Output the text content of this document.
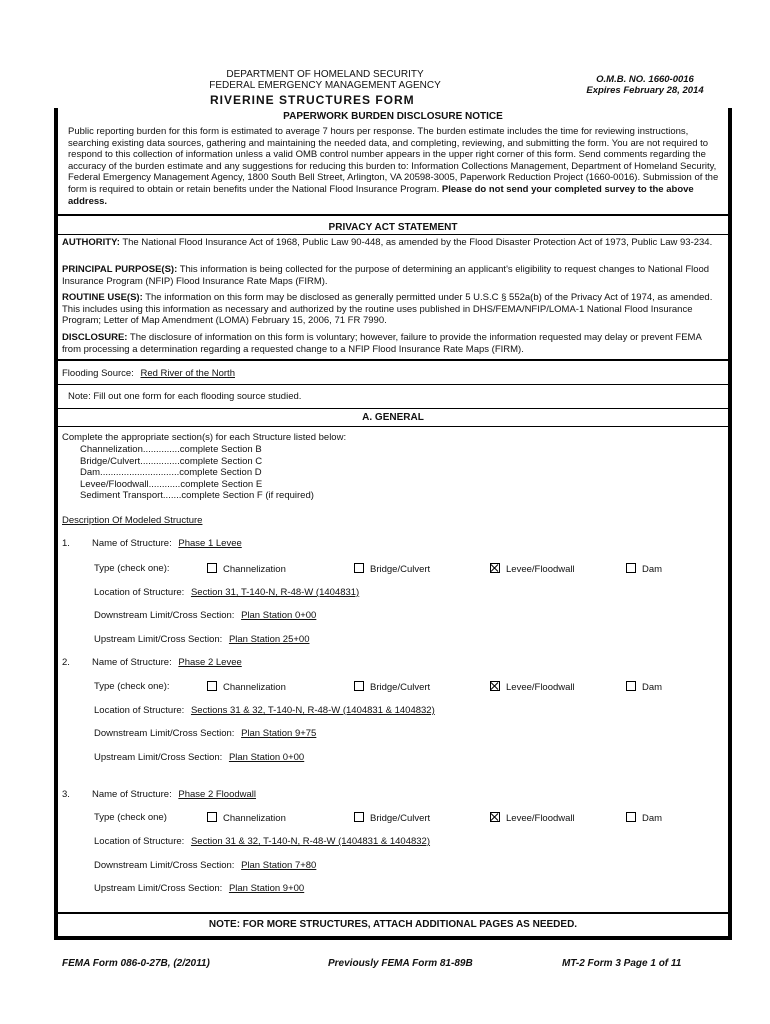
DEPARTMENT OF HOMELAND SECURITY
FEDERAL EMERGENCY MANAGEMENT AGENCY
RIVERINE STRUCTURES FORM
O.M.B. NO. 1660-0016
Expires February 28, 2014
PAPERWORK BURDEN DISCLOSURE NOTICE
Public reporting burden for this form is estimated to average 7 hours per response. The burden estimate includes the time for reviewing instructions, searching existing data sources, gathering and maintaining the needed data, and completing, reviewing, and submitting the form. You are not required to respond to this collection of information unless a valid OMB control number appears in the upper right corner of this form. Send comments regarding the accuracy of the burden estimate and any suggestions for reducing this burden to: Information Collections Management, Department of Homeland Security, Federal Emergency Management Agency, 1800 South Bell Street, Arlington, VA 20598-3005, Paperwork Reduction Project (1660-0016). Submission of the form is required to obtain or retain benefits under the National Flood Insurance Program. Please do not send your completed survey to the above address.
PRIVACY ACT STATEMENT
AUTHORITY: The National Flood Insurance Act of 1968, Public Law 90-448, as amended by the Flood Disaster Protection Act of 1973, Public Law 93-234.
PRINCIPAL PURPOSE(S): This information is being collected for the purpose of determining an applicant's eligibility to request changes to National Flood Insurance Program (NFIP) Flood Insurance Rate Maps (FIRM).
ROUTINE USE(S): The information on this form may be disclosed as generally permitted under 5 U.S.C § 552a(b) of the Privacy Act of 1974, as amended. This includes using this information as necessary and authorized by the routine uses published in DHS/FEMA/NFIP/LOMA-1 National Flood Insurance Program; Letter of Map Amendment (LOMA) February 15, 2006, 71 FR 7990.
DISCLOSURE: The disclosure of information on this form is voluntary; however, failure to provide the information requested may delay or prevent FEMA from processing a determination regarding a requested change to a NFIP Flood Insurance Rate Maps (FIRM).
Flooding Source: Red River of the North
Note: Fill out one form for each flooding source studied.
A. GENERAL
Complete the appropriate section(s) for each Structure listed below:
Channelization..............complete Section B
Bridge/Culvert...............complete Section C
Dam..............................complete Section D
Levee/Floodwall............complete Section E
Sediment Transport.......complete Section F (if required)
Description Of Modeled Structure
1. Name of Structure: Phase 1 Levee
Type (check one):	Channelization	Bridge/Culvert	Levee/Floodwall	Dam
Location of Structure: Section 31, T-140-N, R-48-W (1404831)
Downstream Limit/Cross Section: Plan Station 0+00
Upstream Limit/Cross Section: Plan Station 25+00
2. Name of Structure: Phase 2 Levee
Type (check one):	Channelization	Bridge/Culvert	Levee/Floodwall	Dam
Location of Structure: Sections 31 & 32, T-140-N, R-48-W (1404831 & 1404832)
Downstream Limit/Cross Section: Plan Station 9+75
Upstream Limit/Cross Section: Plan Station 0+00
3. Name of Structure: Phase 2 Floodwall
Type (check one)	Channelization	Bridge/Culvert	Levee/Floodwall	Dam
Location of Structure: Section 31 & 32, T-140-N, R-48-W (1404831 & 1404832)
Downstream Limit/Cross Section: Plan Station 7+80
Upstream Limit/Cross Section: Plan Station 9+00
NOTE: FOR MORE STRUCTURES, ATTACH ADDITIONAL PAGES AS NEEDED.
FEMA Form 086-0-27B, (2/2011)	Previously FEMA Form 81-89B	MT-2 Form 3 Page 1 of 11
